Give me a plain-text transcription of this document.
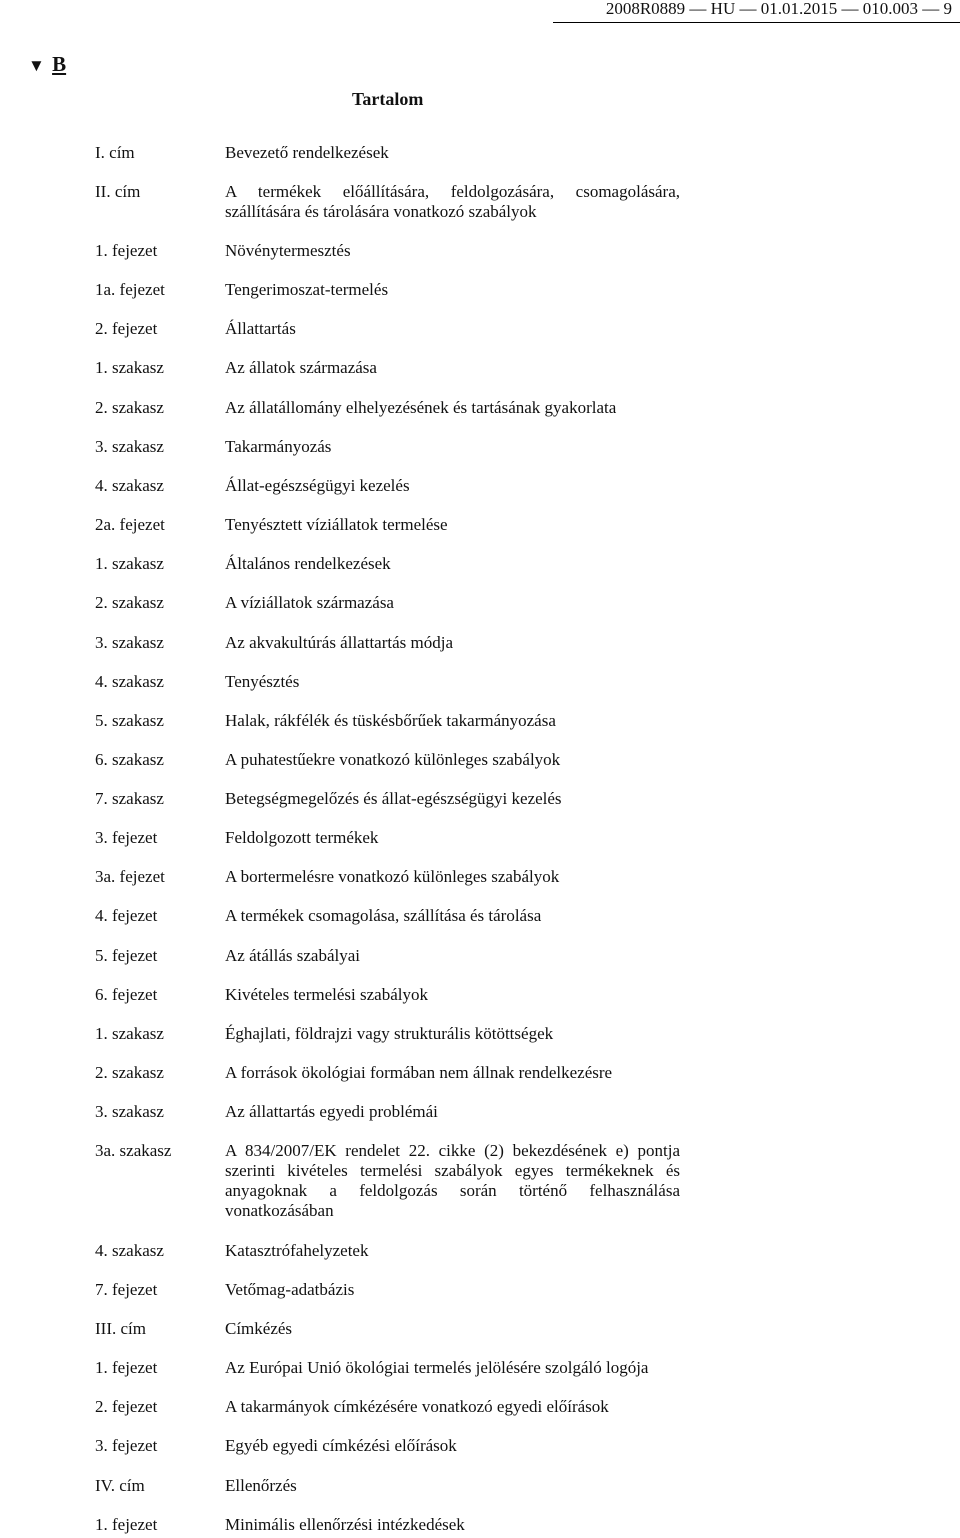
2008R0889 — HU — 01.01.2015 — 010.003 — 9
▼ B
Tartalom
I. cím	Bevezető rendelkezések
II. cím	A termékek előállítására, feldolgozására, csomagolására, szállítására és tárolására vonatkozó szabályok
1. fejezet	Növénytermesztés
1a. fejezet	Tengerimoszat-termelés
2. fejezet	Állattartás
1. szakasz	Az állatok származása
2. szakasz	Az állatállomány elhelyezésének és tartásának gyakorlata
3. szakasz	Takarmányozás
4. szakasz	Állat-egészségügyi kezelés
2a. fejezet	Tenyésztett víziállatok termelése
1. szakasz	Általános rendelkezések
2. szakasz	A víziállatok származása
3. szakasz	Az akvakultúrás állattartás módja
4. szakasz	Tenyésztés
5. szakasz	Halak, rákfélék és tüskésbőrűek takarmányozása
6. szakasz	A puhatestűekre vonatkozó különleges szabályok
7. szakasz	Betegségmegelőzés és állat-egészségügyi kezelés
3. fejezet	Feldolgozott termékek
3a. fejezet	A bortermelésre vonatkozó különleges szabályok
4. fejezet	A termékek csomagolása, szállítása és tárolása
5. fejezet	Az átállás szabályai
6. fejezet	Kivételes termelési szabályok
1. szakasz	Éghajlati, földrajzi vagy strukturális kötöttségek
2. szakasz	A források ökológiai formában nem állnak rendelkezésre
3. szakasz	Az állattartás egyedi problémái
3a. szakasz	A 834/2007/EK rendelet 22. cikke (2) bekezdésének e) pontja szerinti kivételes termelési szabályok egyes termékeknek és anyagoknak a feldolgozás során történő felhasználása vonatkozásában
4. szakasz	Katasztrófahelyzetek
7. fejezet	Vetőmag-adatbázis
III. cím	Címkézés
1. fejezet	Az Európai Unió ökológiai termelés jelölésére szolgáló logója
2. fejezet	A takarmányok címkézésére vonatkozó egyedi előírások
3. fejezet	Egyéb egyedi címkézési előírások
IV. cím	Ellenőrzés
1. fejezet	Minimális ellenőrzési intézkedések
